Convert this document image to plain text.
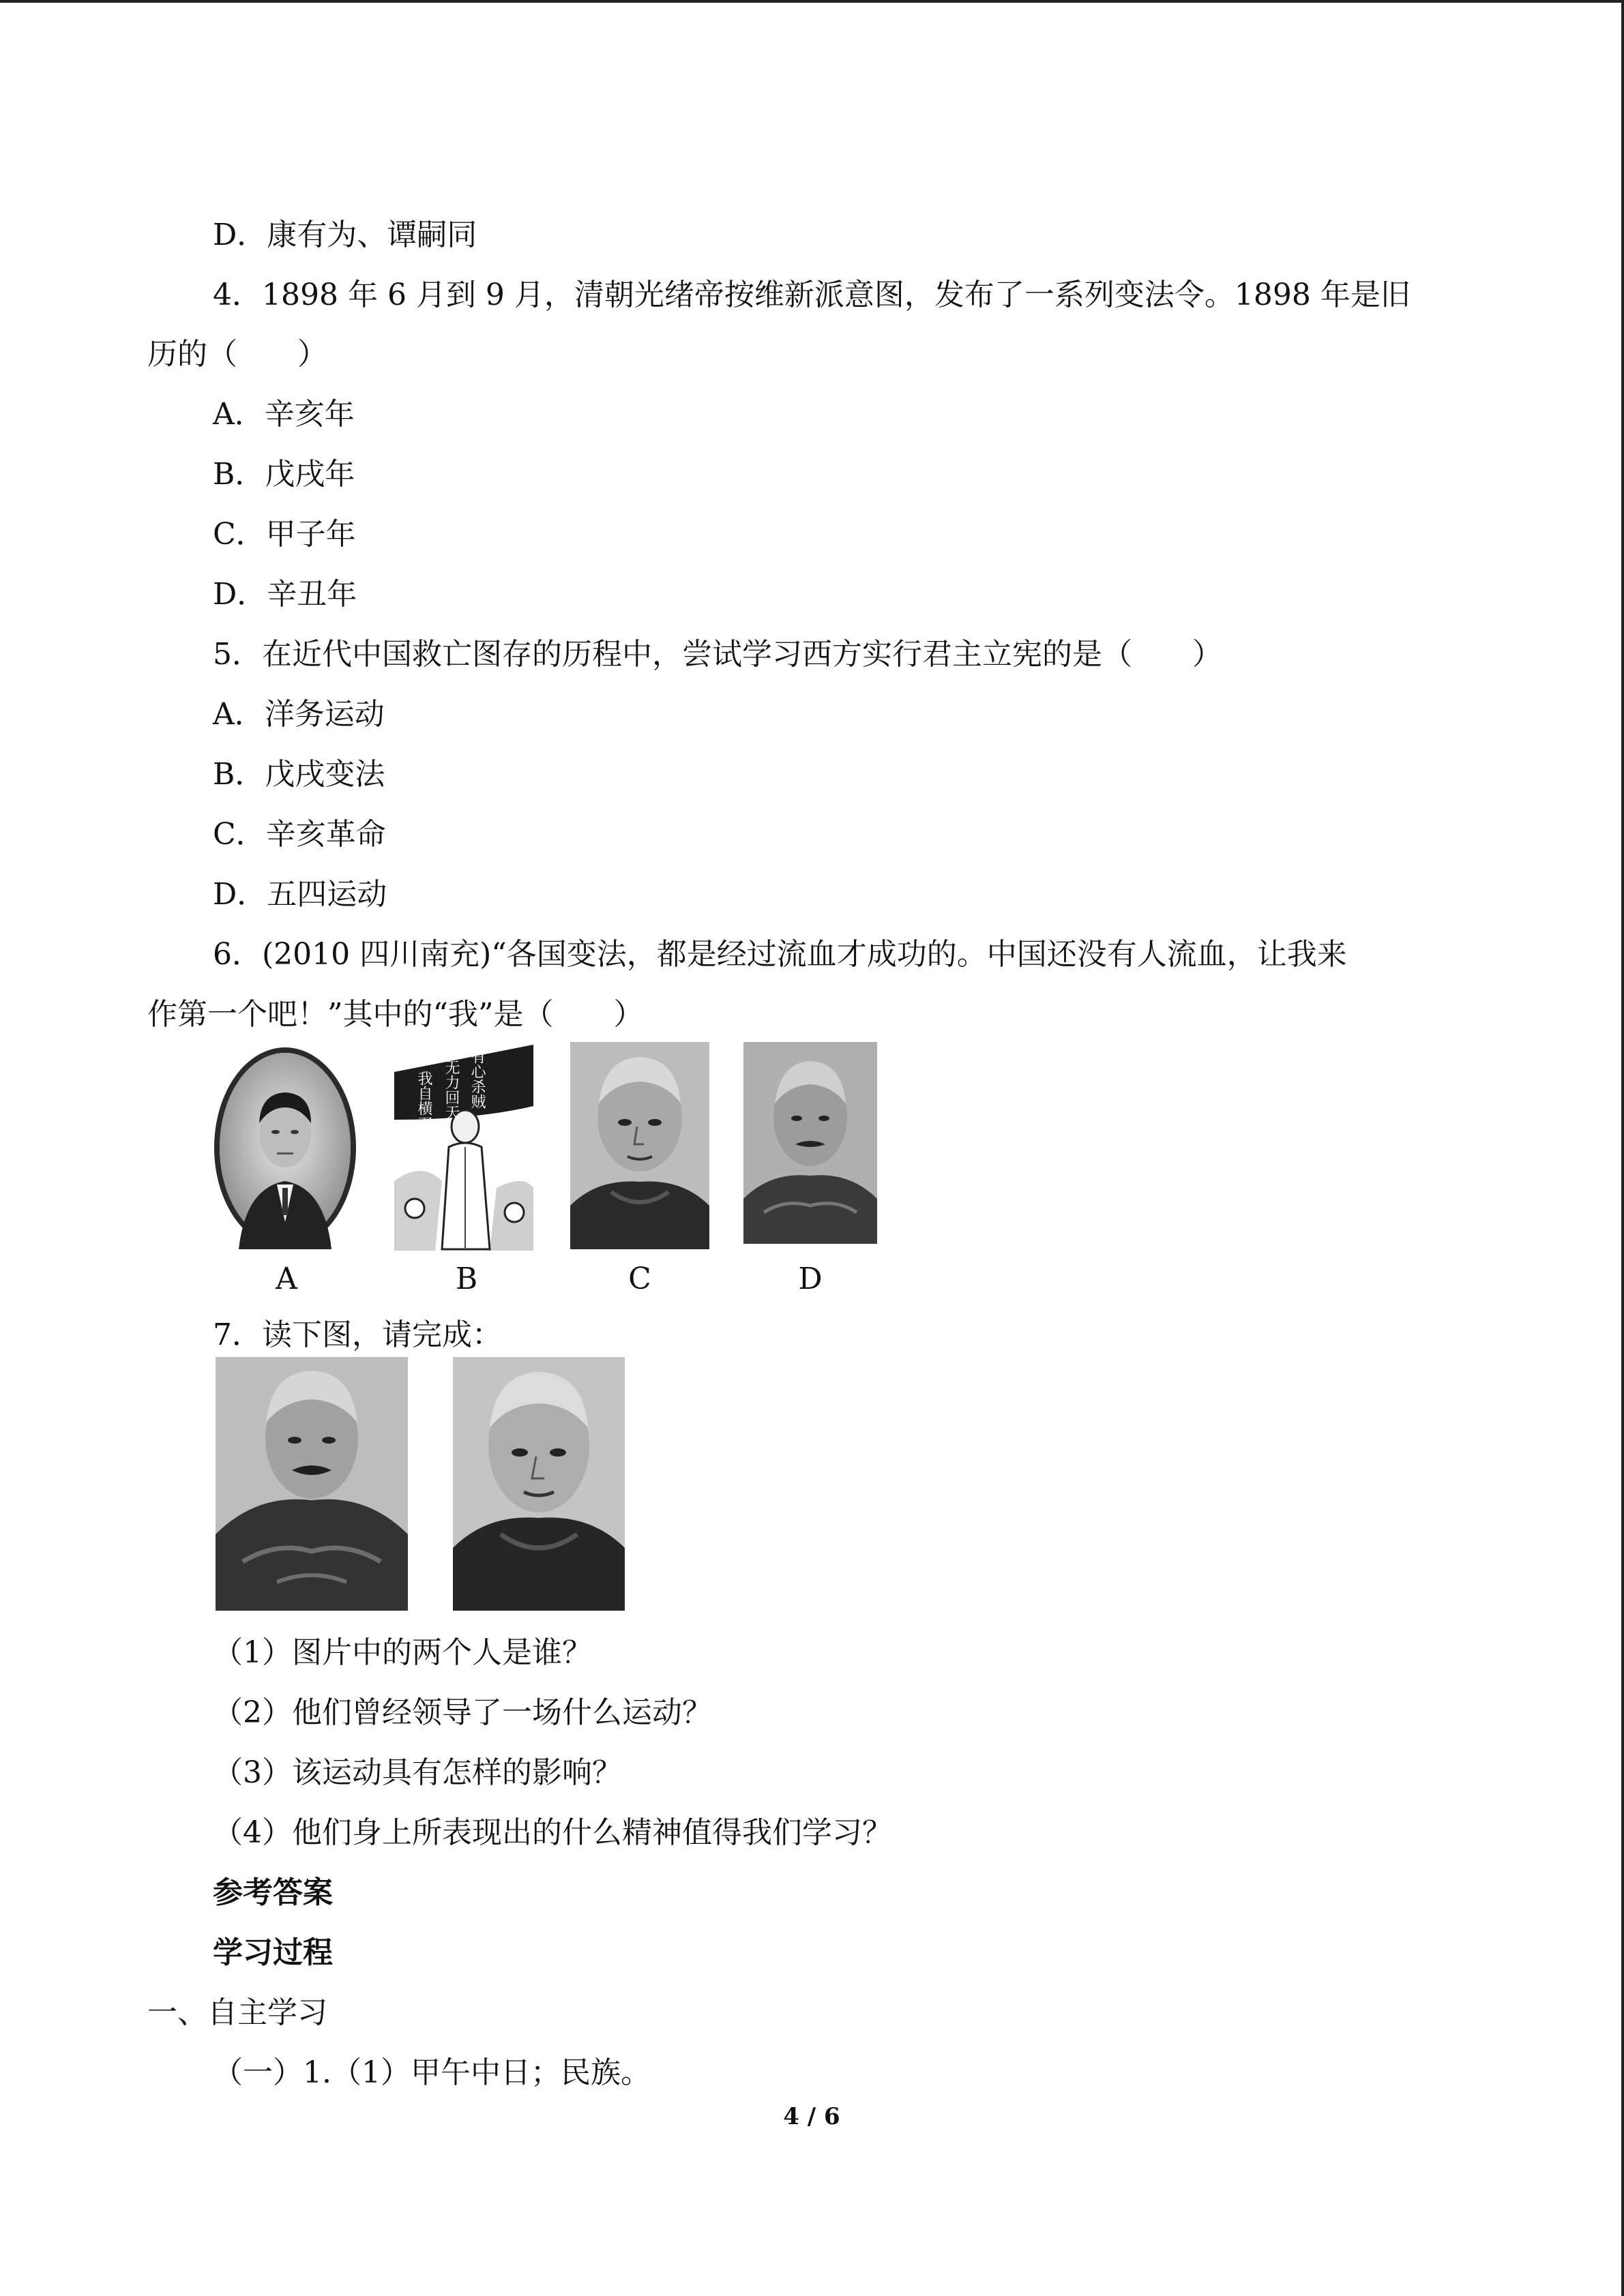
D．康有为、谭嗣同
4．1898 年 6 月到 9 月，清朝光绪帝按维新派意图，发布了一系列变法令。1898 年是旧
历的（　　）
A．辛亥年
B．戊戌年
C．甲子年
D．辛丑年
5．在近代中国救亡图存的历程中，尝试学习西方实行君主立宪的是（　　）
A．洋务运动
B．戊戌变法
C．辛亥革命
D．五四运动
6．(2010 四川南充)“各国变法，都是经过流血才成功的。中国还没有人流血，让我来
作第一个吧！”其中的“我”是（　　）
有心杀贼
无力回天
我自横刀
A	B	C	D
7．读下图，请完成：
（1）图片中的两个人是谁？
（2）他们曾经领导了一场什么运动？
（3）该运动具有怎样的影响？
（4）他们身上所表现出的什么精神值得我们学习？
参考答案
学习过程
一、自主学习
（一）1.（1）甲午中日；民族。
4 / 6
